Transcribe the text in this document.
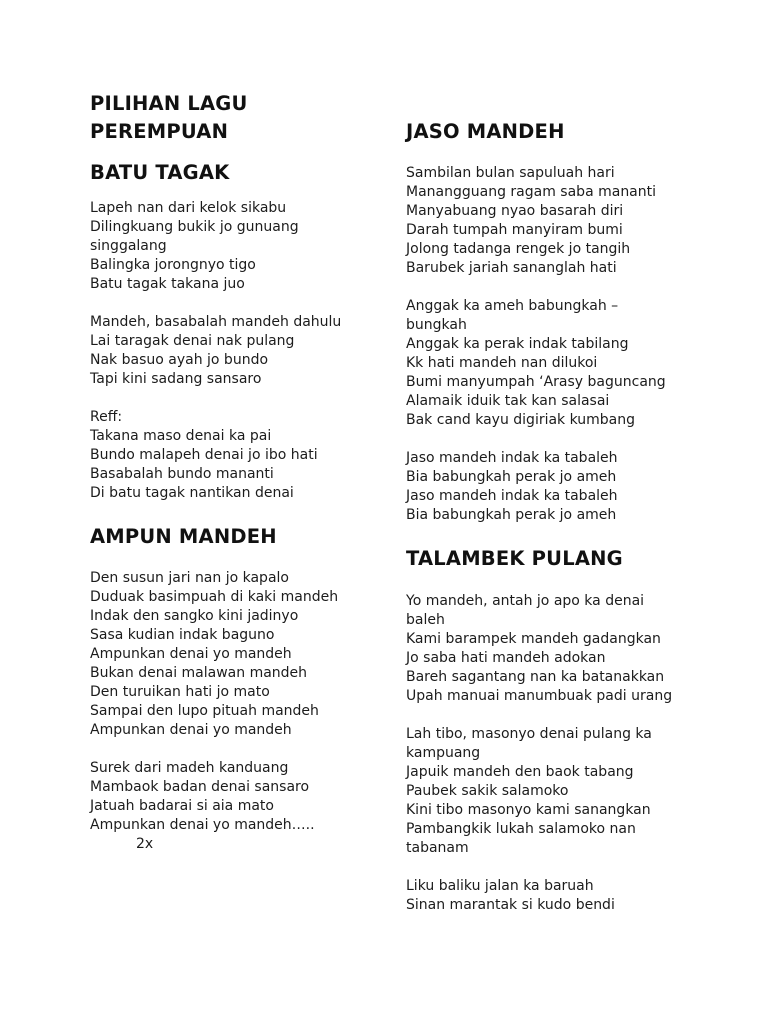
PILIHAN LAGU
PEREMPUAN
BATU TAGAK
Lapeh nan dari kelok sikabu
Dilingkuang bukik jo gunuang
singgalang
Balingka jorongnyo tigo
Batu tagak takana juo
Mandeh, basabalah mandeh dahulu
Lai taragak denai nak pulang
Nak basuo ayah jo bundo
Tapi kini sadang sansaro
Reff:
Takana maso denai ka pai
Bundo malapeh denai jo ibo hati
Basabalah bundo mananti
Di batu tagak nantikan denai
AMPUN MANDEH
Den susun jari nan jo kapalo
Duduak basimpuah di kaki mandeh
Indak den sangko kini jadinyo
Sasa kudian indak baguno
Ampunkan denai yo mandeh
Bukan denai malawan mandeh
Den turuikan hati jo mato
Sampai den lupo pituah mandeh
Ampunkan denai yo mandeh
Surek dari madeh kanduang
Mambaok badan denai sansaro
Jatuah badarai si aia mato
Ampunkan denai yo mandeh…..
2x
JASO MANDEH
Sambilan bulan sapuluah hari
Manangguang ragam saba mananti
Manyabuang nyao basarah diri
Darah tumpah manyiram bumi
Jolong tadanga rengek jo tangih
Barubek jariah sananglah hati
Anggak ka ameh babungkah –
bungkah
Anggak ka perak indak tabilang
Kk hati mandeh nan dilukoi
Bumi manyumpah ‘Arasy baguncang
Alamaik iduik tak kan salasai
Bak cand kayu digiriak kumbang
Jaso mandeh indak ka tabaleh
Bia babungkah perak jo ameh
Jaso mandeh indak ka tabaleh
Bia babungkah perak jo ameh
TALAMBEK PULANG
Yo mandeh, antah jo apo ka denai
baleh
Kami barampek mandeh gadangkan
Jo saba hati mandeh adokan
Bareh sagantang nan ka batanakkan
Upah manuai manumbuak padi urang
Lah tibo, masonyo denai pulang ka
kampuang
Japuik mandeh den baok tabang
Paubek sakik salamoko
Kini tibo masonyo kami sanangkan
Pambangkik lukah salamoko nan
tabanam
Liku baliku jalan ka baruah
Sinan marantak si kudo bendi
